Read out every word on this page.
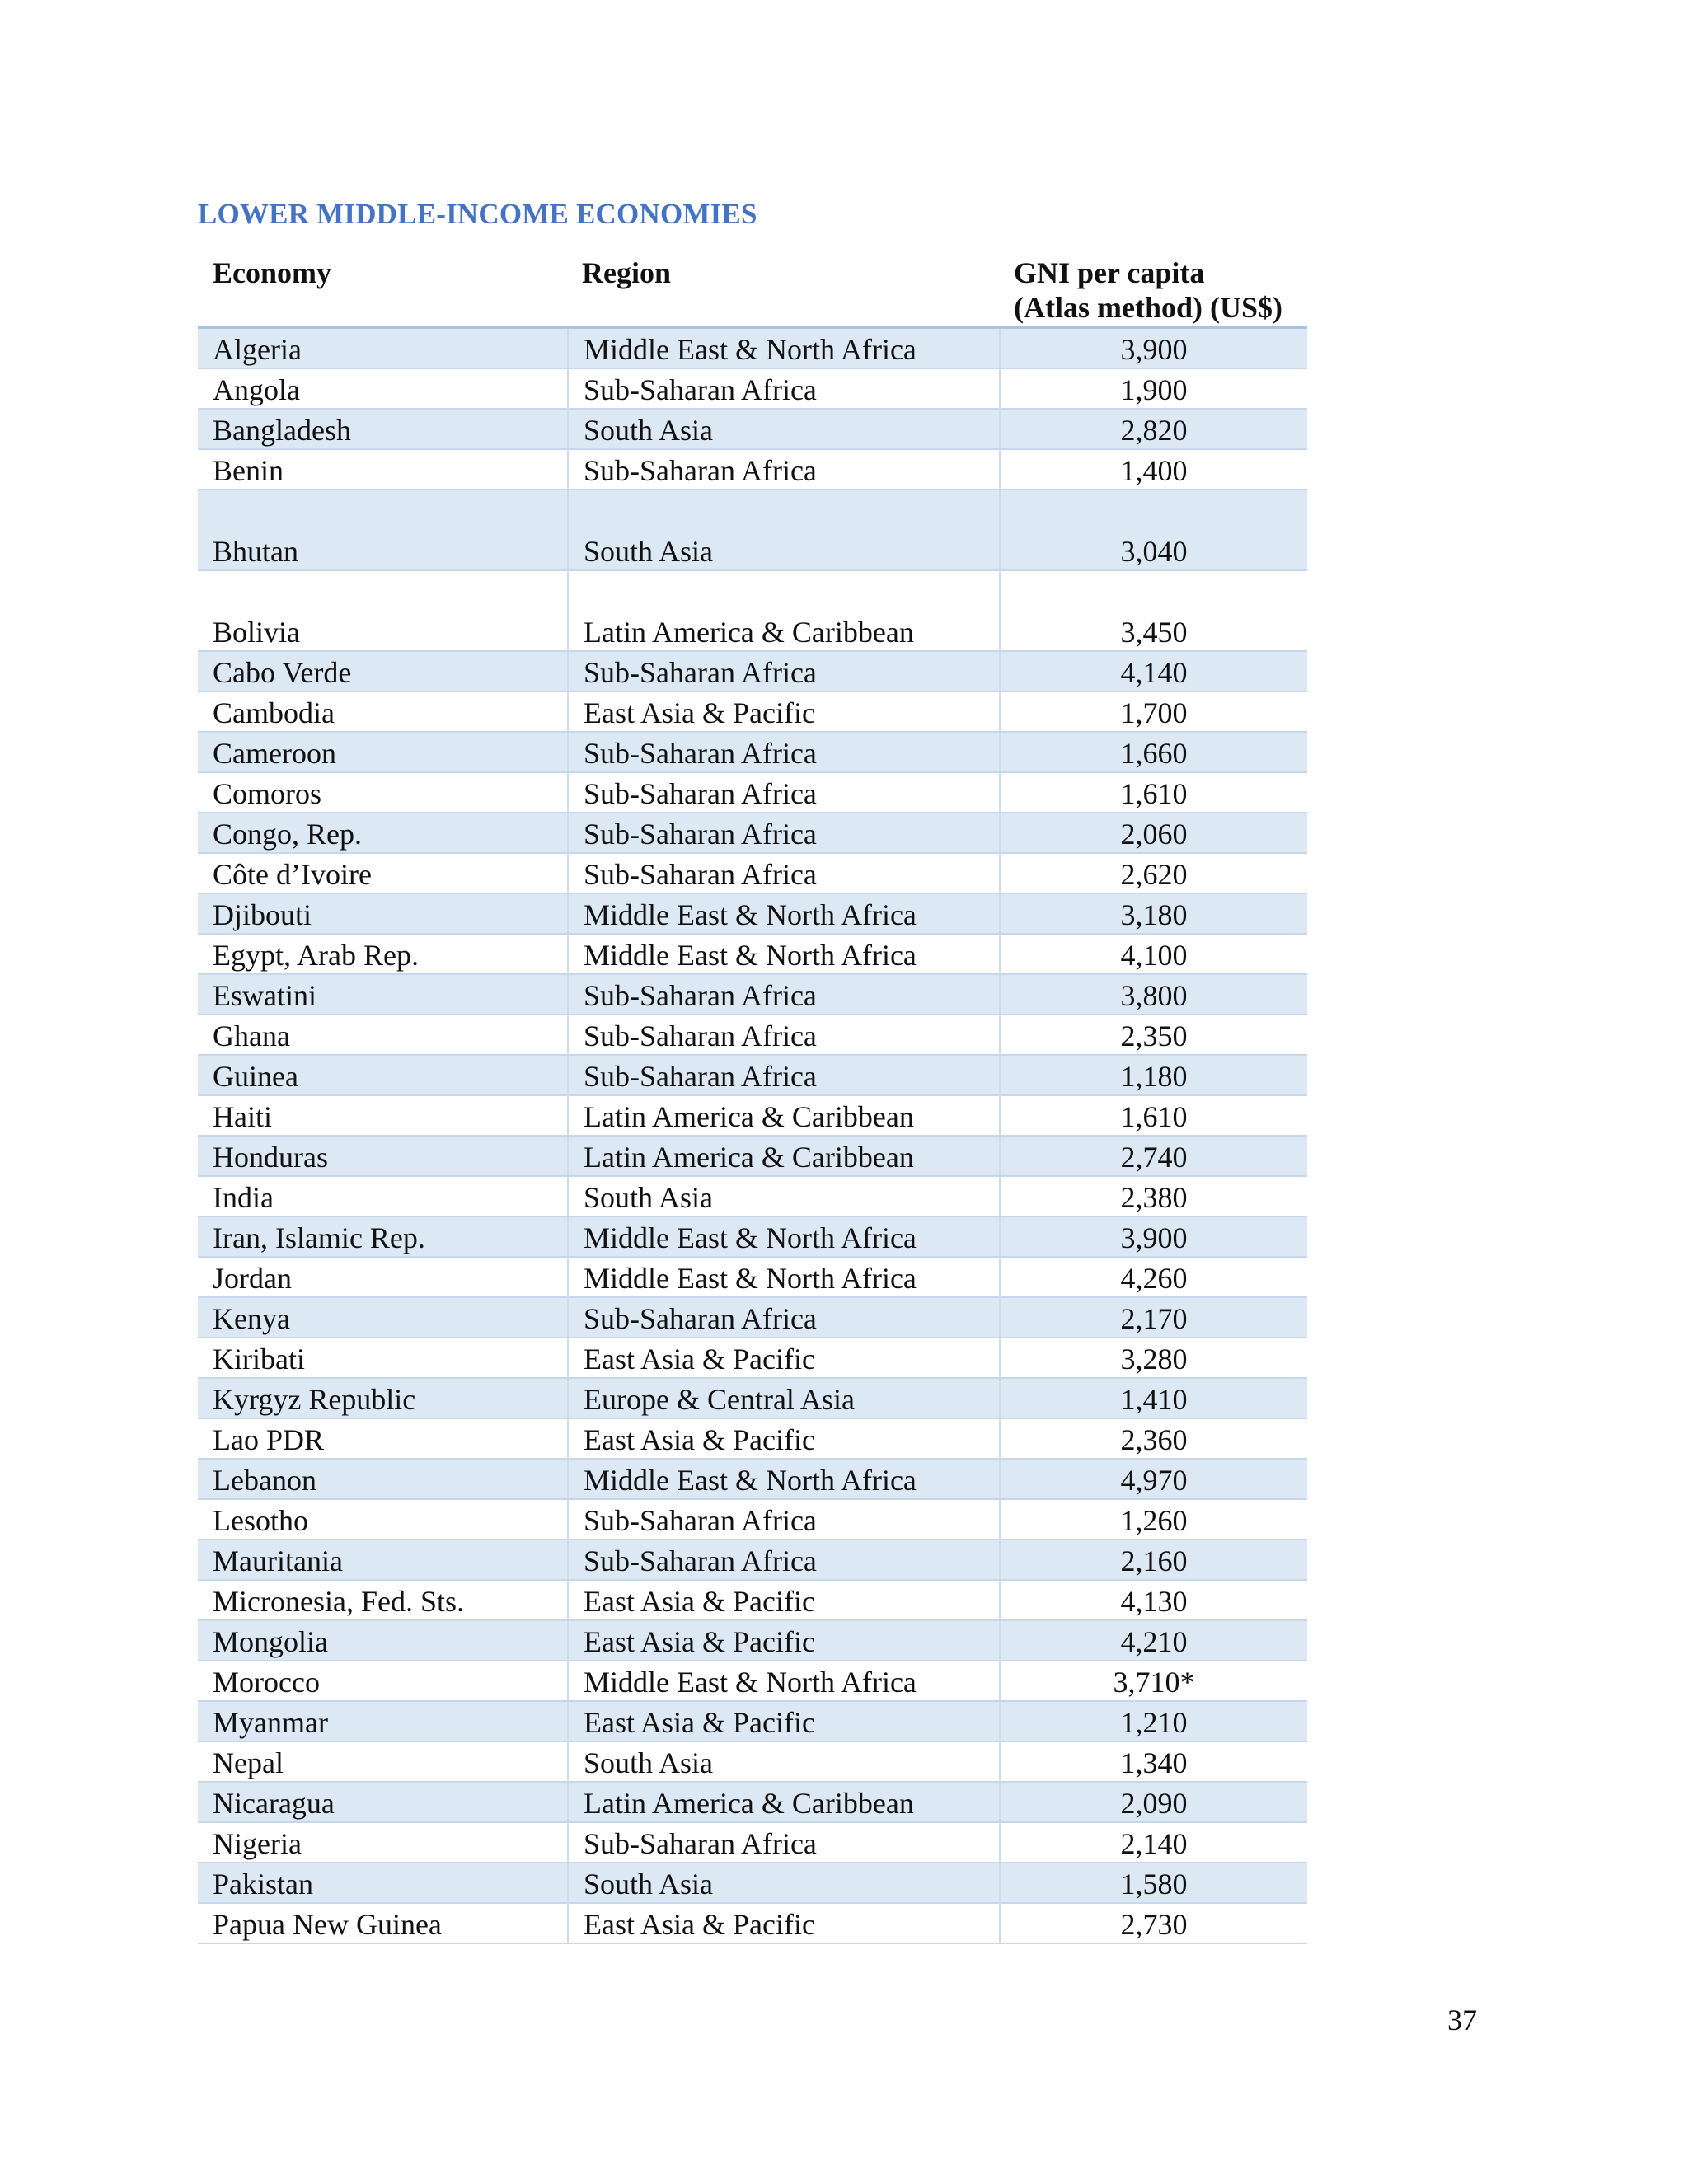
LOWER MIDDLE-INCOME ECONOMIES
Economy	Region	GNI per capita
(Atlas method) (US$)
Algeria	Middle East & North Africa	3,900
Angola	Sub-Saharan Africa	1,900
Bangladesh	South Asia	2,820
Benin	Sub-Saharan Africa	1,400
Bhutan	South Asia	3,040
Bolivia	Latin America & Caribbean	3,450
Cabo Verde	Sub-Saharan Africa	4,140
Cambodia	East Asia & Pacific	1,700
Cameroon	Sub-Saharan Africa	1,660
Comoros	Sub-Saharan Africa	1,610
Congo, Rep.	Sub-Saharan Africa	2,060
Côte d’Ivoire	Sub-Saharan Africa	2,620
Djibouti	Middle East & North Africa	3,180
Egypt, Arab Rep.	Middle East & North Africa	4,100
Eswatini	Sub-Saharan Africa	3,800
Ghana	Sub-Saharan Africa	2,350
Guinea	Sub-Saharan Africa	1,180
Haiti	Latin America & Caribbean	1,610
Honduras	Latin America & Caribbean	2,740
India	South Asia	2,380
Iran, Islamic Rep.	Middle East & North Africa	3,900
Jordan	Middle East & North Africa	4,260
Kenya	Sub-Saharan Africa	2,170
Kiribati	East Asia & Pacific	3,280
Kyrgyz Republic	Europe & Central Asia	1,410
Lao PDR	East Asia & Pacific	2,360
Lebanon	Middle East & North Africa	4,970
Lesotho	Sub-Saharan Africa	1,260
Mauritania	Sub-Saharan Africa	2,160
Micronesia, Fed. Sts.	East Asia & Pacific	4,130
Mongolia	East Asia & Pacific	4,210
Morocco	Middle East & North Africa	3,710*
Myanmar	East Asia & Pacific	1,210
Nepal	South Asia	1,340
Nicaragua	Latin America & Caribbean	2,090
Nigeria	Sub-Saharan Africa	2,140
Pakistan	South Asia	1,580
Papua New Guinea	East Asia & Pacific	2,730
37
